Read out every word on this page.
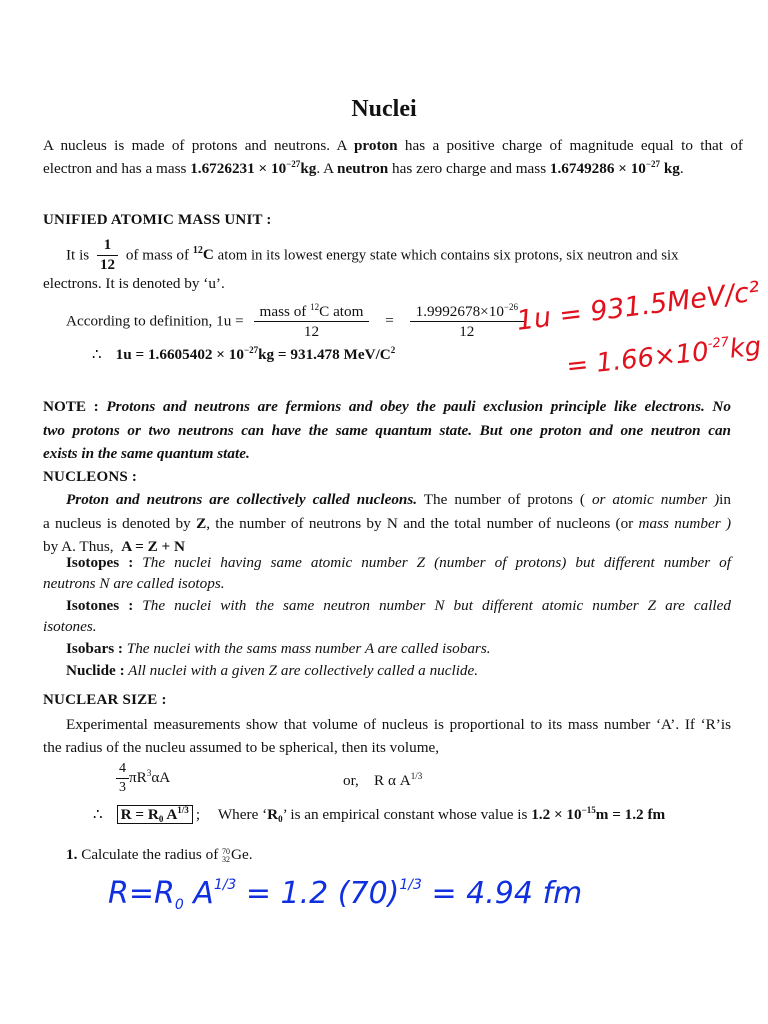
Nuclei
A nucleus is made of protons and neutrons. A proton has a positive charge of magnitude equal to that of
electron and has a mass $1.6726231 \times 10^{-27}kg$. A neutron has zero charge and mass $1.6749286 \times 10^{-27}$ kg.
UNIFIED ATOMIC MASS UNIT :
It is $\frac{1}{12}$ of mass of $^{12}$C atom in its lowest energy state which contains six protons, six neutron and six
electrons. It is denoted by ‘u’.
According to definition, $1u = \frac{mass of ^{12}C atom}{12} = \frac{1.9992678\times 10^{-26}}{12}$
∴ $1u = 1.6605402 \times 10^{-27}kg = 931.478$ MeV/$C^2$
1u = 931.5MeV/c²
= $1.66\times 10^{-27}kg$
NOTE : Protons and neutrons are fermions and obey the pauli exclusion principle like electrons. No
two protons or two neutrons can have the same quantum state. But one proton and one neutron can
exists in the same quantum state.
NUCLEONS :
Proton and neutrons are collectively called nucleons. The number of protons ( or atomic number )in
a nucleus is denoted by Z, the number of neutrons by N and the total number of nucleons (or mass number )
by A. Thus, A = Z + N
Isotopes : The nuclei having same atomic number Z (number of protons) but different number of
neutrons N are called isotops.
Isotones : The nuclei with the same neutron number N but different atomic number Z are called
isotones.
Isobars : The nuclei with the sams mass number A are called isobars.
Nuclide : All nuclei with a given Z are collectively called a nuclide.
NUCLEAR SIZE :
Experimental measurements show that volume of nucleus is proportional to its mass number ‘A’. If ‘R’is
the radius of the nucleu assumed to be spherical, then its volume,
$\frac{4}{3} \pi R^3\alpha A$	or, R α $A^{1/3}$
∴ $R = R_0$ $A^{1/3}$ ; Where ‘$R_0$’ is an empirical constant whose value is $1.2 \times 10^{-15}m = 1.2$ fm
1. Calculate the radius of 70
32 Ge.
$R=R_0$ $A^{1/3} = 1.2$ $(70)^{1/3} = 4.94$ fm
